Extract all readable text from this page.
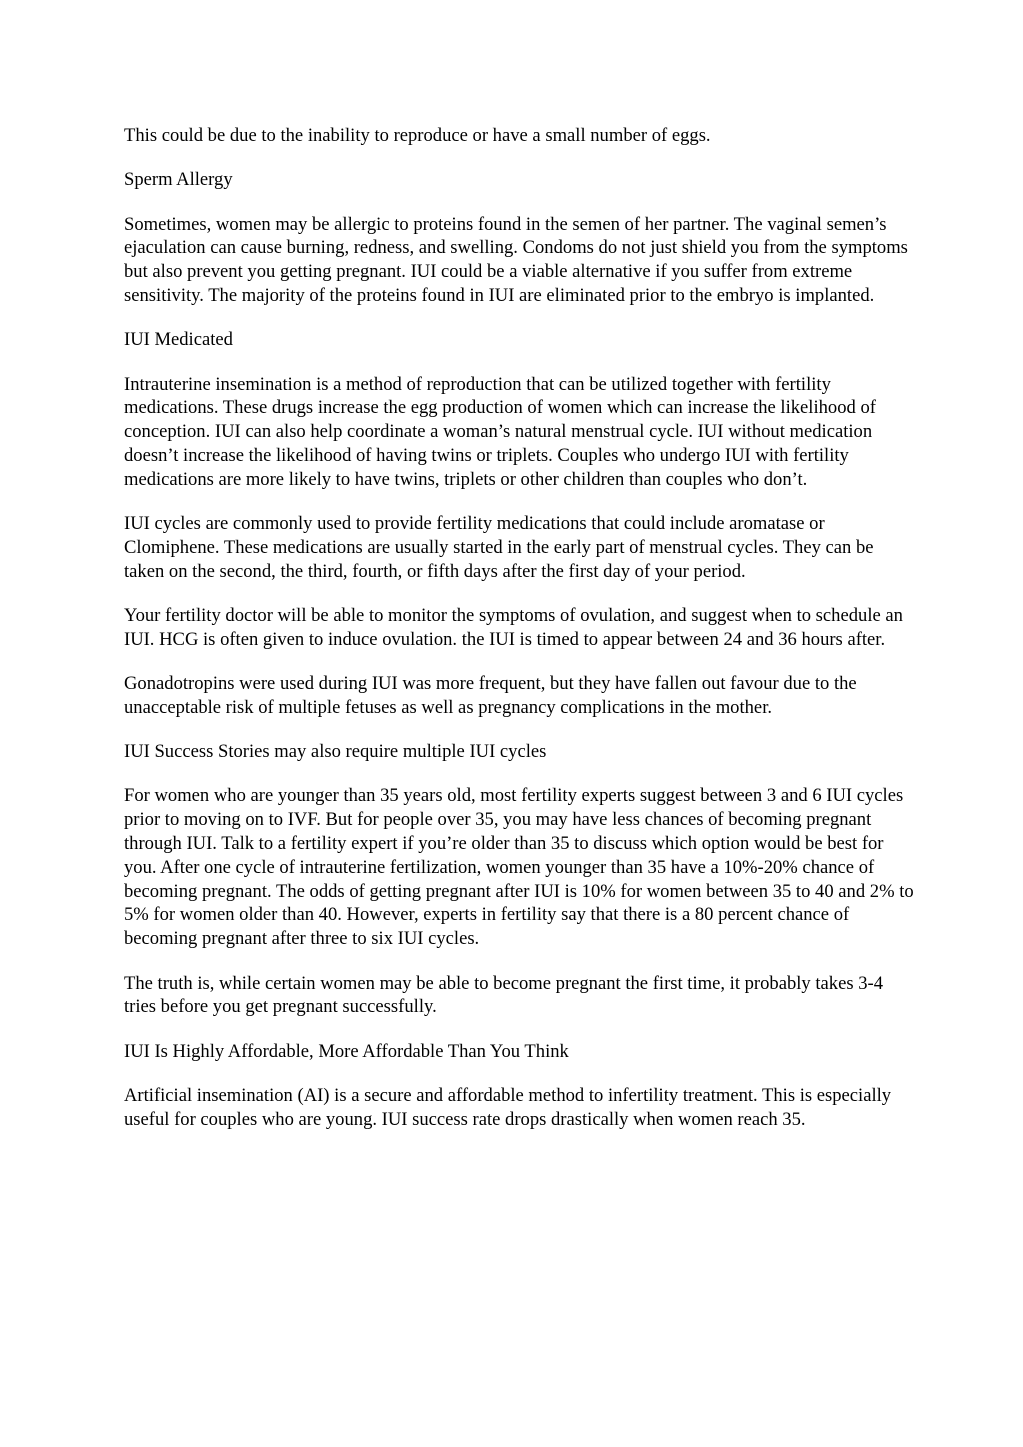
This could be due to the inability to reproduce or have a small number of eggs.

Sperm Allergy

Sometimes, women may be allergic to proteins found in the semen of her partner. The vaginal semen’s ejaculation can cause burning, redness, and swelling. Condoms do not just shield you from the symptoms but also prevent you getting pregnant. IUI could be a viable alternative if you suffer from extreme sensitivity. The majority of the proteins found in IUI are eliminated prior to the embryo is implanted.

IUI Medicated

Intrauterine insemination is a method of reproduction that can be utilized together with fertility medications. These drugs increase the egg production of women which can increase the likelihood of conception. IUI can also help coordinate a woman’s natural menstrual cycle. IUI without medication doesn’t increase the likelihood of having twins or triplets. Couples who undergo IUI with fertility medications are more likely to have twins, triplets or other children than couples who don’t.

IUI cycles are commonly used to provide fertility medications that could include aromatase or Clomiphene. These medications are usually started in the early part of menstrual cycles. They can be taken on the second, the third, fourth, or fifth days after the first day of your period.

Your fertility doctor will be able to monitor the symptoms of ovulation, and suggest when to schedule an IUI. HCG is often given to induce ovulation. the IUI is timed to appear between 24 and 36 hours after.

Gonadotropins were used during IUI was more frequent, but they have fallen out favour due to the unacceptable risk of multiple fetuses as well as pregnancy complications in the mother.

IUI Success Stories may also require multiple IUI cycles

For women who are younger than 35 years old, most fertility experts suggest between 3 and 6 IUI cycles prior to moving on to IVF. But for people over 35, you may have less chances of becoming pregnant through IUI. Talk to a fertility expert if you’re older than 35 to discuss which option would be best for you. After one cycle of intrauterine fertilization, women younger than 35 have a 10%-20% chance of becoming pregnant. The odds of getting pregnant after IUI is 10% for women between 35 to 40 and 2% to 5% for women older than 40. However, experts in fertility say that there is a 80 percent chance of becoming pregnant after three to six IUI cycles.

The truth is, while certain women may be able to become pregnant the first time, it probably takes 3-4 tries before you get pregnant successfully.

IUI Is Highly Affordable, More Affordable Than You Think

Artificial insemination (AI) is a secure and affordable method to infertility treatment. This is especially useful for couples who are young. IUI success rate drops drastically when women reach 35.
